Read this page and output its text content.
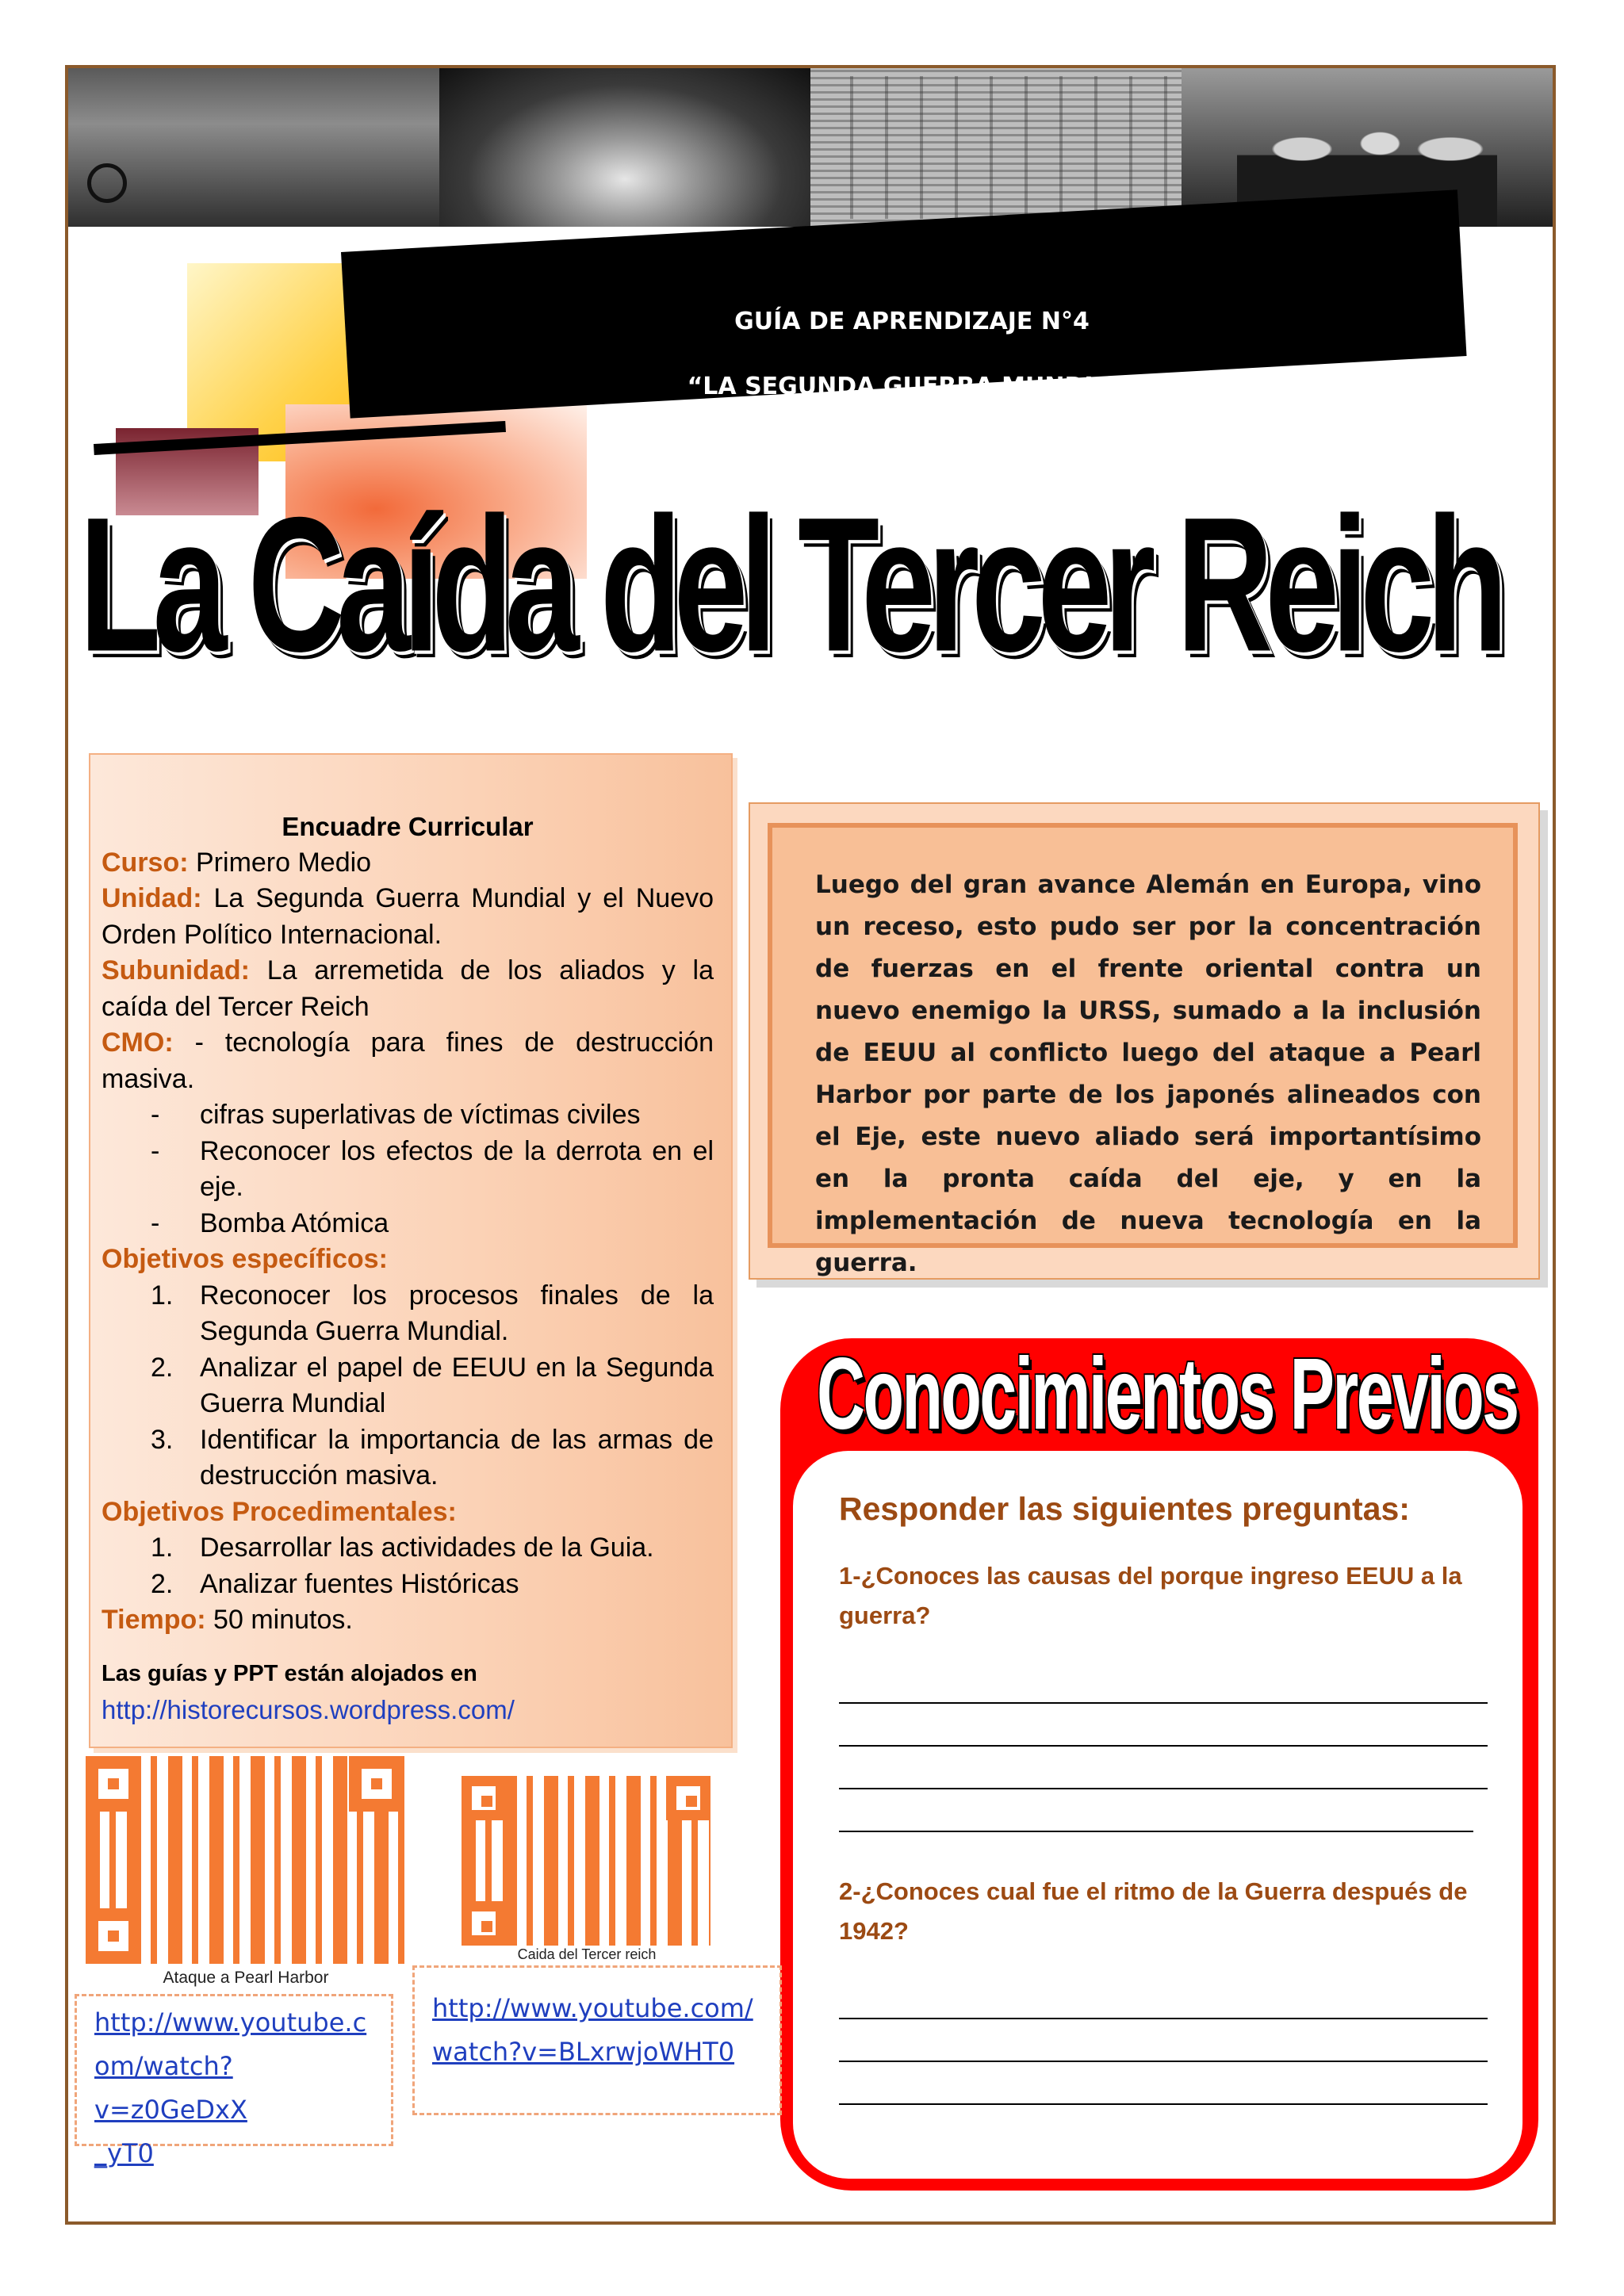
GUÍA DE APRENDIZAJE N°4
“LA SEGUNDA GUERRA MUNDIAL”
La Caída del Tercer Reich
Encuadre Curricular
Curso: Primero Medio
Unidad: La Segunda Guerra Mundial y el Nuevo Orden Político Internacional.
Subunidad: La arremetida de los aliados y la caída del Tercer Reich
CMO: - tecnología para fines de destrucción masiva.
- cifras superlativas de víctimas civiles
- Reconocer los efectos de la derrota en el eje.
- Bomba Atómica
Objetivos específicos:
1. Reconocer los procesos finales de la Segunda Guerra Mundial.
2. Analizar el papel de EEUU en la Segunda Guerra Mundial
3. Identificar la importancia de las armas de destrucción masiva.
Objetivos Procedimentales:
1. Desarrollar las actividades de la Guia.
2. Analizar fuentes Históricas
Tiempo: 50 minutos.
Las guías y PPT están alojados en
http://historecursos.wordpress.com/
Luego del gran avance Alemán en Europa, vino un receso, esto pudo ser por la concentración de fuerzas en el frente oriental contra un nuevo enemigo la URSS, sumado a la inclusión de EEUU al conflicto luego del ataque a Pearl Harbor por parte de los japonés alineados con el Eje, este nuevo aliado será importantísimo en la pronta caída del eje, y en la implementación de nueva tecnología en la guerra.
Conocimientos Previos
Responder las siguientes preguntas:
1-¿Conoces las causas del porque ingreso EEUU a la guerra?
2-¿Conoces cual fue el ritmo de la Guerra después de 1942?
Ataque a Pearl Harbor
Caida del Tercer reich
http://www.youtube.c
om/watch?v=z0GeDxX
_yT0
http://www.youtube.com/
watch?v=BLxrwjoWHT0
